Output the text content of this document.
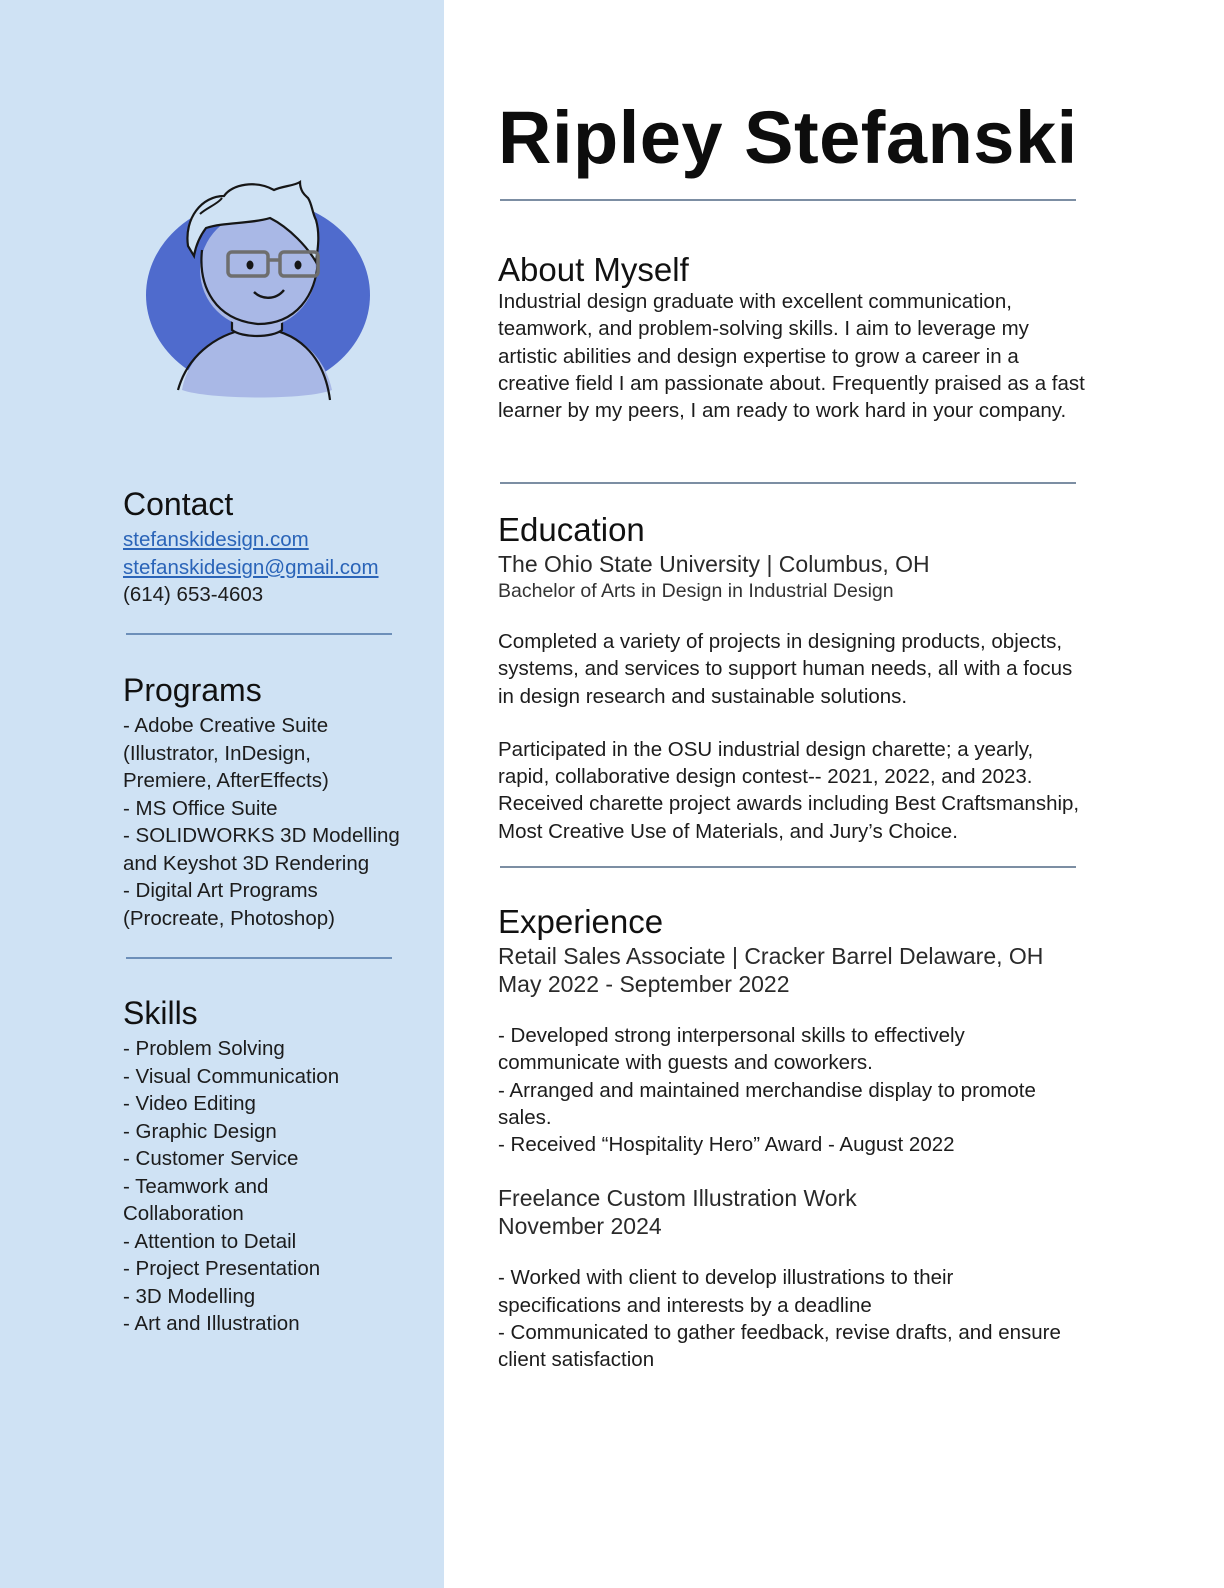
Contact

stefanskidesign.com

stefanskidesign@gmail.com

(614) 653-4603

Programs

- Adobe Creative Suite

(Illustrator, InDesign,

Premiere, AfterEffects)

- MS Office Suite

- SOLIDWORKS 3D Modelling

and Keyshot 3D Rendering

- Digital Art Programs

(Procreate, Photoshop)

Skills

- Problem Solving

- Visual Communication

- Video Editing

- Graphic Design

- Customer Service

- Teamwork and

Collaboration

- Attention to Detail

- Project Presentation

- 3D Modelling

- Art and Illustration

Ripley Stefanski
About Myself

Industrial design graduate with excellent communication,

teamwork, and problem-solving skills. I aim to leverage my

artistic abilities and design expertise to grow a career in a

creative field I am passionate about. Frequently praised as a fast

learner by my peers, I am ready to work hard in your company.

Education

The Ohio State University | Columbus, OH

Bachelor of Arts in Design in Industrial Design

Completed a variety of projects in designing products, objects,

systems, and services to support human needs, all with a focus

in design research and sustainable solutions.

Participated in the OSU industrial design charette; a yearly,

rapid, collaborative design contest-- 2021, 2022, and 2023.

Received charette project awards including Best Craftsmanship,

Most Creative Use of Materials, and Jury’s Choice.

Experience

Retail Sales Associate | Cracker Barrel Delaware, OH

May 2022 - September 2022

- Developed strong interpersonal skills to effectively

communicate with guests and coworkers.

- Arranged and maintained merchandise display to promote

sales.

- Received “Hospitality Hero” Award - August 2022

Freelance Custom Illustration Work

November 2024

- Worked with client to develop illustrations to their

specifications and interests by a deadline

- Communicated to gather feedback, revise drafts, and ensure

client satisfaction
